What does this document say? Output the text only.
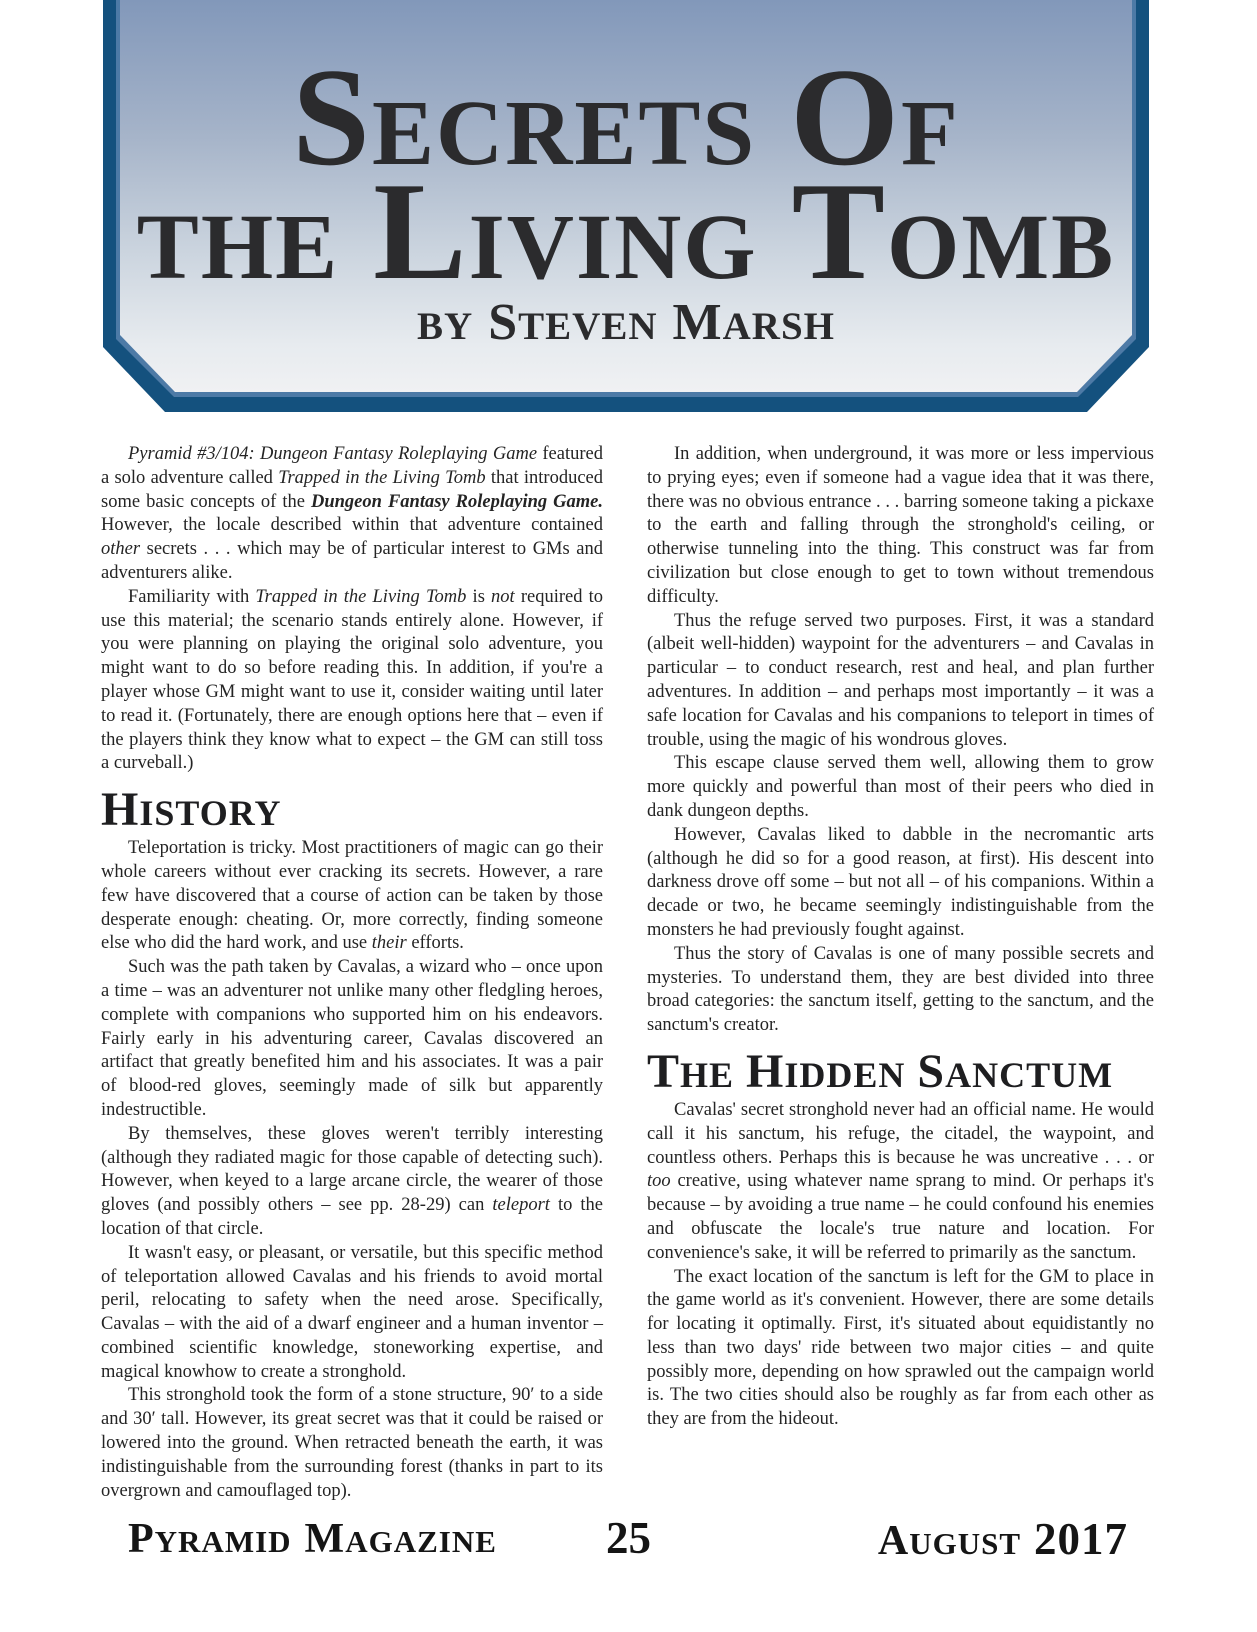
SECRETS OF
THE LIVING TOMB
BY STEVEN MARSH

Pyramid #3/104: Dungeon Fantasy Roleplaying Game featured a solo adventure called Trapped in the Living Tomb that introduced some basic concepts of the Dungeon Fantasy Roleplaying Game. However, the locale described within that adventure contained other secrets . . . which may be of particular interest to GMs and adventurers alike.

Familiarity with Trapped in the Living Tomb is not required to use this material; the scenario stands entirely alone. However, if you were planning on playing the original solo adventure, you might want to do so before reading this. In addition, if you're a player whose GM might want to use it, consider waiting until later to read it. (Fortunately, there are enough options here that – even if the players think they know what to expect – the GM can still toss a curveball.)

HISTORY

Teleportation is tricky. Most practitioners of magic can go their whole careers without ever cracking its secrets. However, a rare few have discovered that a course of action can be taken by those desperate enough: cheating. Or, more correctly, finding someone else who did the hard work, and use their efforts.

Such was the path taken by Cavalas, a wizard who – once upon a time – was an adventurer not unlike many other fledgling heroes, complete with companions who supported him on his endeavors. Fairly early in his adventuring career, Cavalas discovered an artifact that greatly benefited him and his associates. It was a pair of blood-red gloves, seemingly made of silk but apparently indestructible.

By themselves, these gloves weren't terribly interesting (although they radiated magic for those capable of detecting such). However, when keyed to a large arcane circle, the wearer of those gloves (and possibly others – see pp. 28-29) can teleport to the location of that circle.

It wasn't easy, or pleasant, or versatile, but this specific method of teleportation allowed Cavalas and his friends to avoid mortal peril, relocating to safety when the need arose. Specifically, Cavalas – with the aid of a dwarf engineer and a human inventor – combined scientific knowledge, stoneworking expertise, and magical knowhow to create a stronghold.

This stronghold took the form of a stone structure, 90′ to a side and 30′ tall. However, its great secret was that it could be raised or lowered into the ground. When retracted beneath the earth, it was indistinguishable from the surrounding forest (thanks in part to its overgrown and camouflaged top).

In addition, when underground, it was more or less impervious to prying eyes; even if someone had a vague idea that it was there, there was no obvious entrance . . . barring someone taking a pickaxe to the earth and falling through the stronghold's ceiling, or otherwise tunneling into the thing. This construct was far from civilization but close enough to get to town without tremendous difficulty.

Thus the refuge served two purposes. First, it was a standard (albeit well-hidden) waypoint for the adventurers – and Cavalas in particular – to conduct research, rest and heal, and plan further adventures. In addition – and perhaps most importantly – it was a safe location for Cavalas and his companions to teleport in times of trouble, using the magic of his wondrous gloves.

This escape clause served them well, allowing them to grow more quickly and powerful than most of their peers who died in dank dungeon depths.

However, Cavalas liked to dabble in the necromantic arts (although he did so for a good reason, at first). His descent into darkness drove off some – but not all – of his companions. Within a decade or two, he became seemingly indistinguishable from the monsters he had previously fought against.

Thus the story of Cavalas is one of many possible secrets and mysteries. To understand them, they are best divided into three broad categories: the sanctum itself, getting to the sanctum, and the sanctum's creator.

THE HIDDEN SANCTUM

Cavalas' secret stronghold never had an official name. He would call it his sanctum, his refuge, the citadel, the waypoint, and countless others. Perhaps this is because he was uncreative . . . or too creative, using whatever name sprang to mind. Or perhaps it's because – by avoiding a true name – he could confound his enemies and obfuscate the locale's true nature and location. For convenience's sake, it will be referred to primarily as the sanctum.

The exact location of the sanctum is left for the GM to place in the game world as it's convenient. However, there are some details for locating it optimally. First, it's situated about equidistantly no less than two days' ride between two major cities – and quite possibly more, depending on how sprawled out the campaign world is. The two cities should also be roughly as far from each other as they are from the hideout.

PYRAMID MAGAZINE 25	AUGUST 2017
